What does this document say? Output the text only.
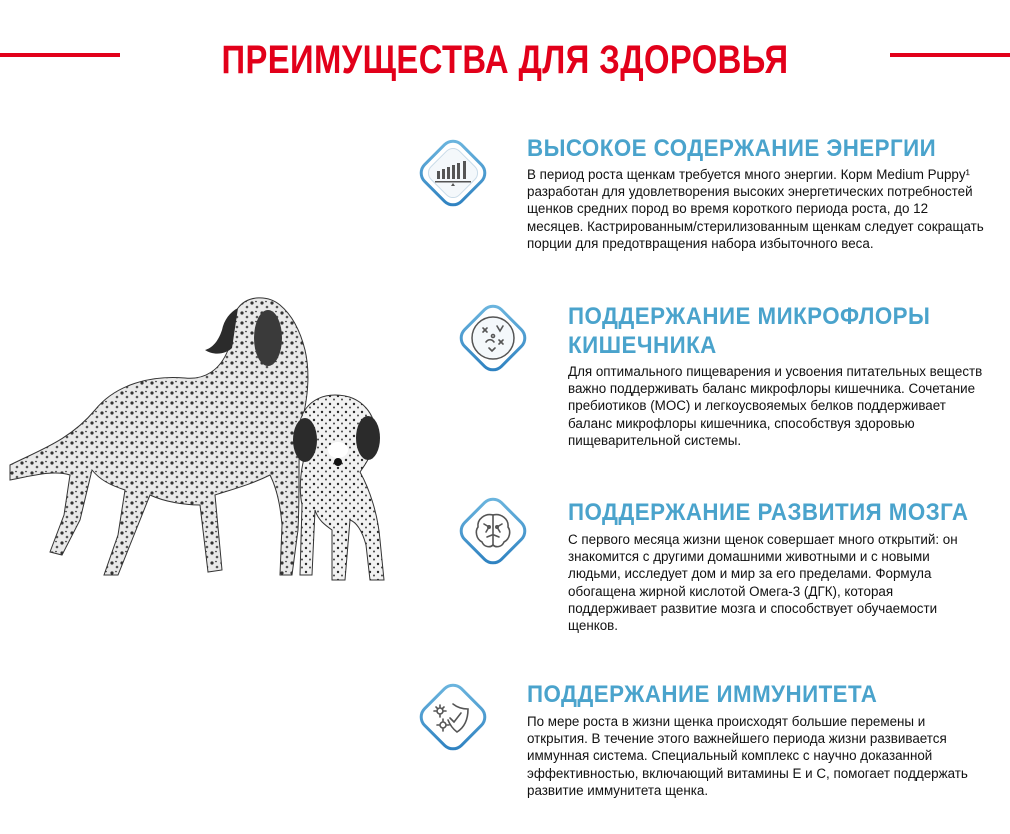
ПРЕИМУЩЕСТВА ДЛЯ ЗДОРОВЬЯ
ВЫСОКОЕ СОДЕРЖАНИЕ ЭНЕРГИИ
В период роста щенкам требуется много энергии. Корм Medium Puppy¹
разработан для удовлетворения высоких энергетических потребностей
щенков средних пород во время короткого периода роста, до 12
месяцев. Кастрированным/стерилизованным щенкам следует сокращать
порции для предотвращения набора избыточного веса.
ПОДДЕРЖАНИЕ МИКРОФЛОРЫ
КИШЕЧНИКА
Для оптимального пищеварения и усвоения питательных веществ
важно поддерживать баланс микрофлоры кишечника. Сочетание
пребиотиков (МОС) и легкоусвояемых белков поддерживает
баланс микрофлоры кишечника, способствуя здоровью
пищеварительной системы.
ПОДДЕРЖАНИЕ РАЗВИТИЯ МОЗГА
С первого месяца жизни щенок совершает много открытий: он
знакомится с другими домашними животными и с новыми
людьми, исследует дом и мир за его пределами. Формула
обогащена жирной кислотой Омега-3 (ДГК), которая
поддерживает развитие мозга и способствует обучаемости
щенков.
ПОДДЕРЖАНИЕ ИММУНИТЕТА
По мере роста в жизни щенка происходят большие перемены и
открытия. В течение этого важнейшего периода жизни развивается
иммунная система. Специальный комплекс с научно доказанной
эффективностью, включающий витамины Е и С, помогает поддержать
развитие иммунитета щенка.
